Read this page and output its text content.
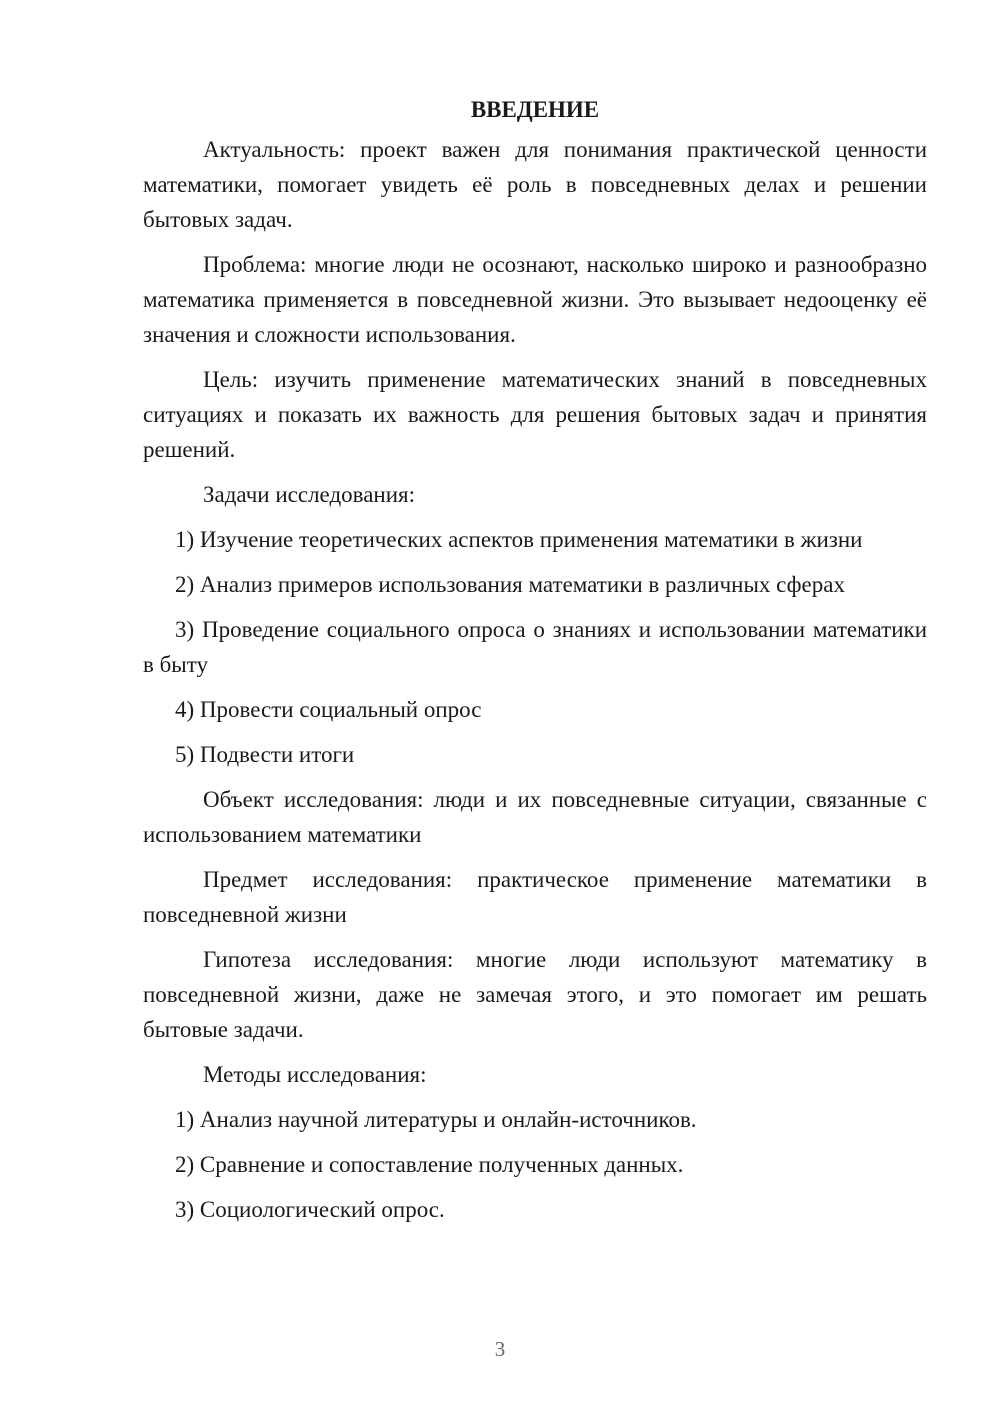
ВВЕДЕНИЕ

Актуальность: проект важен для понимания практической ценности математики, помогает увидеть её роль в повседневных делах и решении бытовых задач.

Проблема: многие люди не осознают, насколько широко и разнообразно математика применяется в повседневной жизни. Это вызывает недооценку её значения и сложности использования.

Цель: изучить применение математических знаний в повседневных ситуациях и показать их важность для решения бытовых задач и принятия решений.

Задачи исследования:

1) Изучение теоретических аспектов применения математики в жизни

2) Анализ примеров использования математики в различных сферах

3) Проведение социального опроса о знаниях и использовании математики в быту

4) Провести социальный опрос

5) Подвести итоги

Объект исследования: люди и их повседневные ситуации, связанные с использованием математики

Предмет исследования: практическое применение математики в повседневной жизни

Гипотеза исследования: многие люди используют математику в повседневной жизни, даже не замечая этого, и это помогает им решать бытовые задачи.

Методы исследования:

1) Анализ научной литературы и онлайн-источников.

2) Сравнение и сопоставление полученных данных.

3) Социологический опрос.

3
